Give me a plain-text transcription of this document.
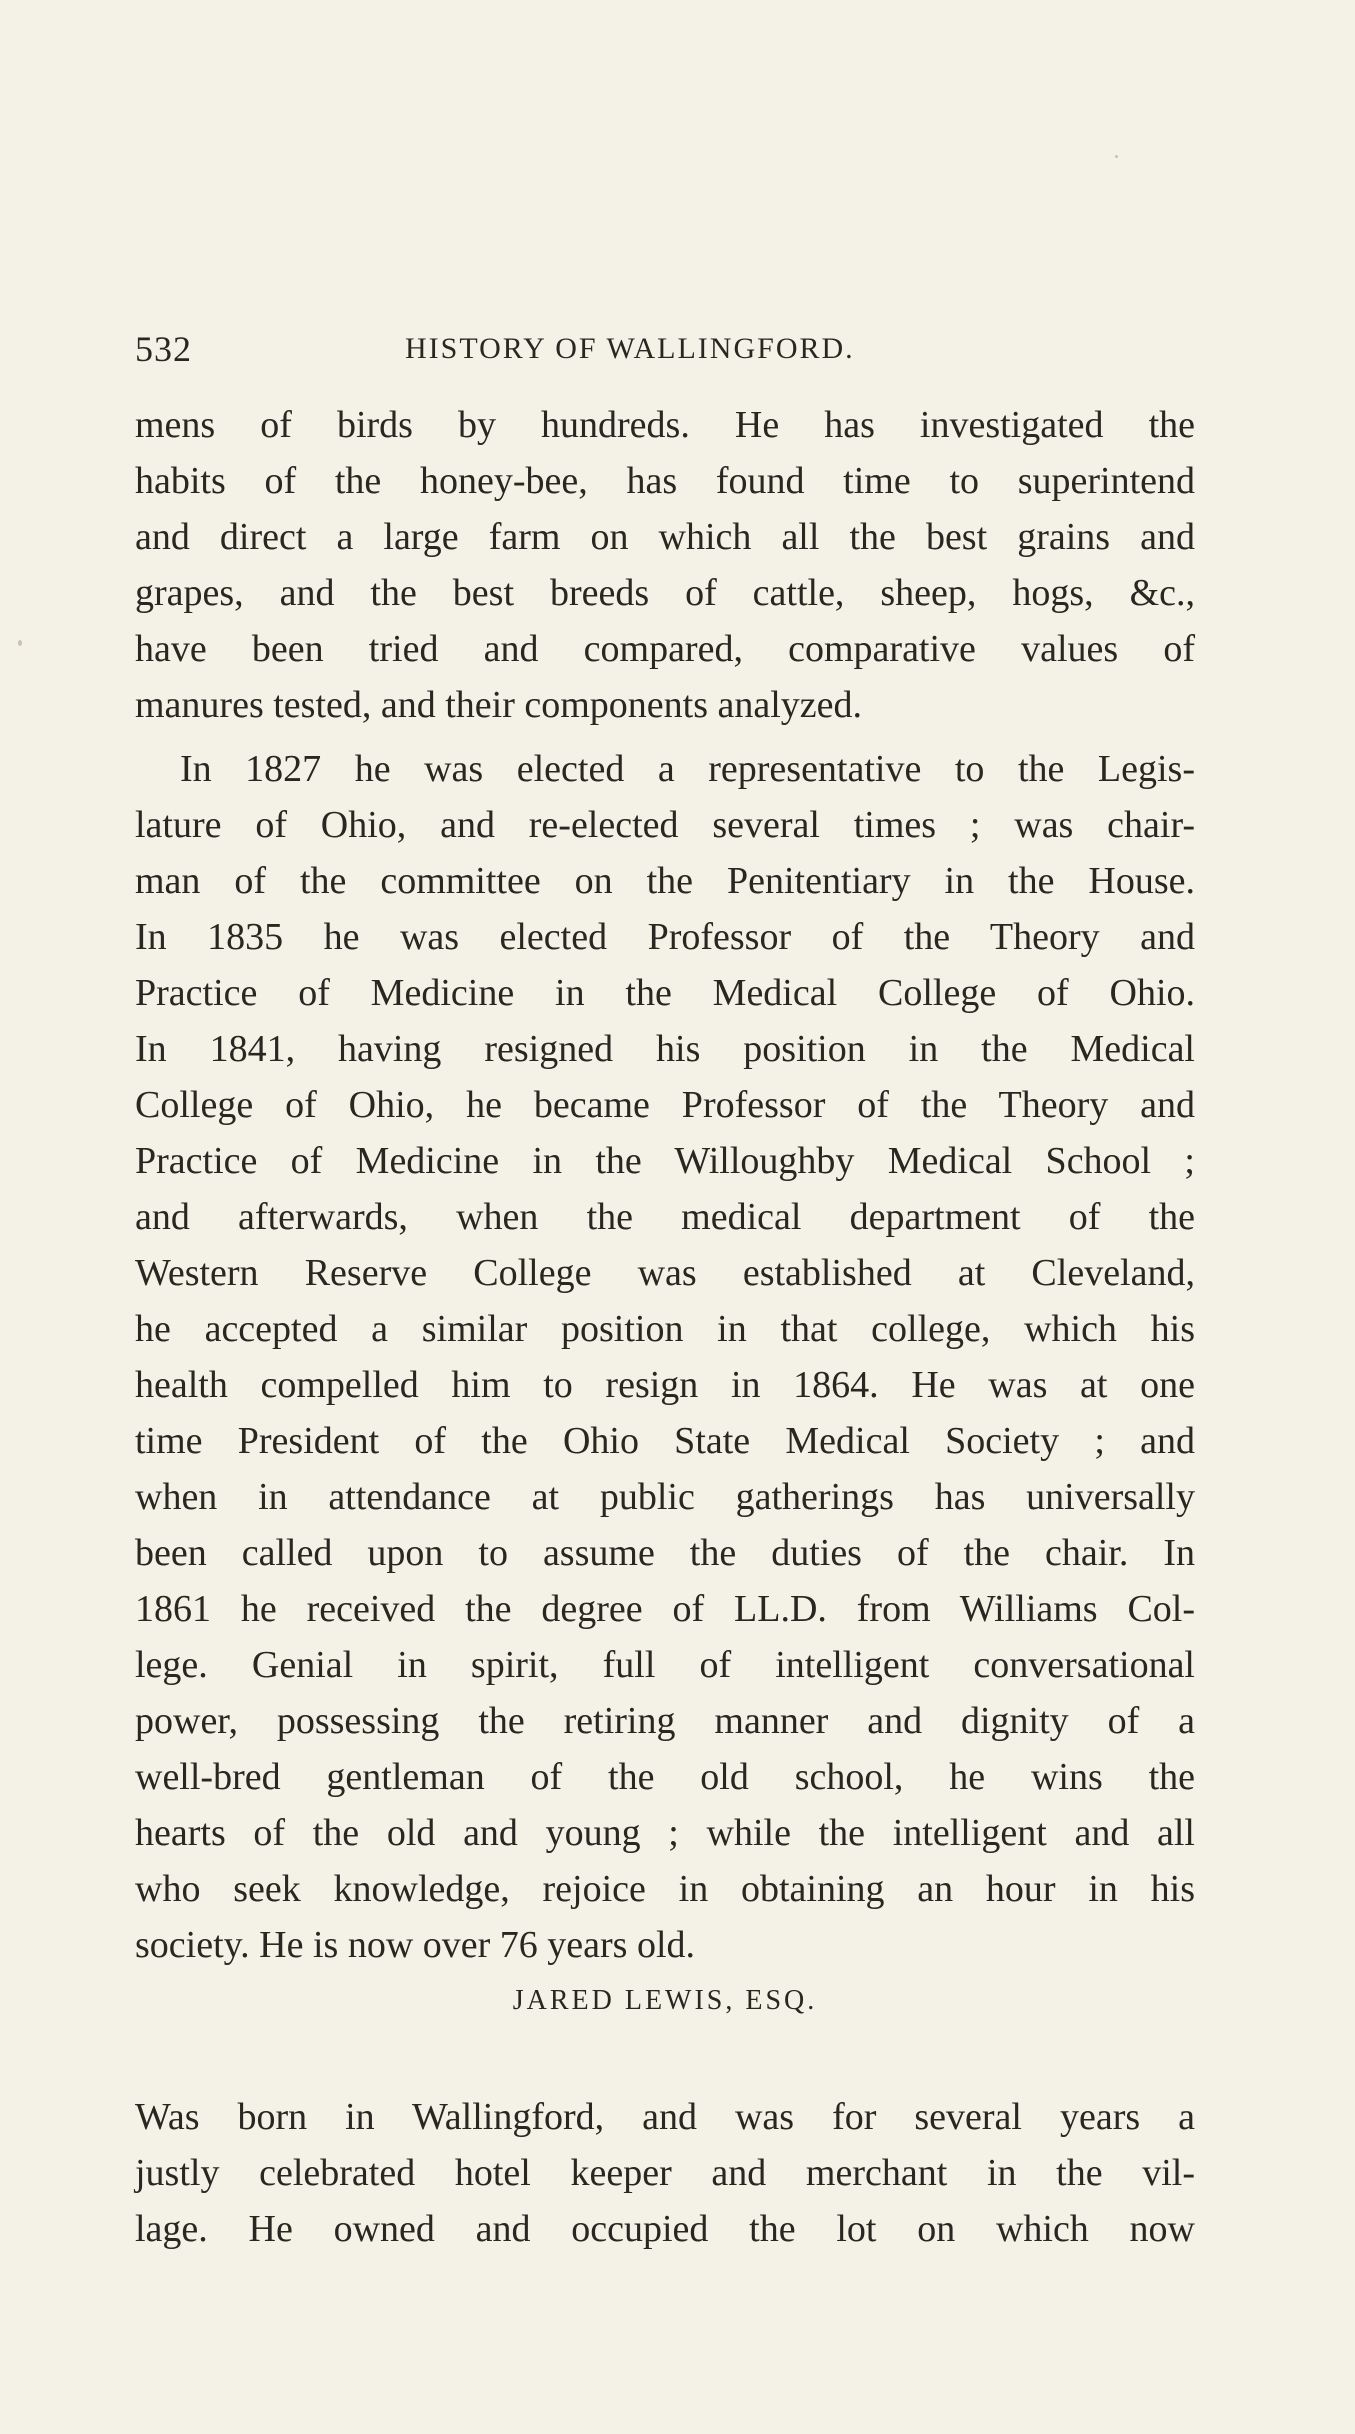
532	HISTORY OF WALLINGFORD.
mens of birds by hundreds. He has investigated the
habits of the honey-bee, has found time to superintend
and direct a large farm on which all the best grains and
grapes, and the best breeds of cattle, sheep, hogs, &c.,
have been tried and compared, comparative values of
manures tested, and their components analyzed.
In 1827 he was elected a representative to the Legis-
lature of Ohio, and re-elected several times ; was chair-
man of the committee on the Penitentiary in the House.
In 1835 he was elected Professor of the Theory and
Practice of Medicine in the Medical College of Ohio.
In 1841, having resigned his position in the Medical
College of Ohio, he became Professor of the Theory and
Practice of Medicine in the Willoughby Medical School ;
and afterwards, when the medical department of the
Western Reserve College was established at Cleveland,
he accepted a similar position in that college, which his
health compelled him to resign in 1864. He was at one
time President of the Ohio State Medical Society ; and
when in attendance at public gatherings has universally
been called upon to assume the duties of the chair. In
1861 he received the degree of LL.D. from Williams Col-
lege. Genial in spirit, full of intelligent conversational
power, possessing the retiring manner and dignity of a
well-bred gentleman of the old school, he wins the
hearts of the old and young ; while the intelligent and all
who seek knowledge, rejoice in obtaining an hour in his
society. He is now over 76 years old.
JARED LEWIS, ESQ.
Was born in Wallingford, and was for several years a
justly celebrated hotel keeper and merchant in the vil-
lage. He owned and occupied the lot on which now
